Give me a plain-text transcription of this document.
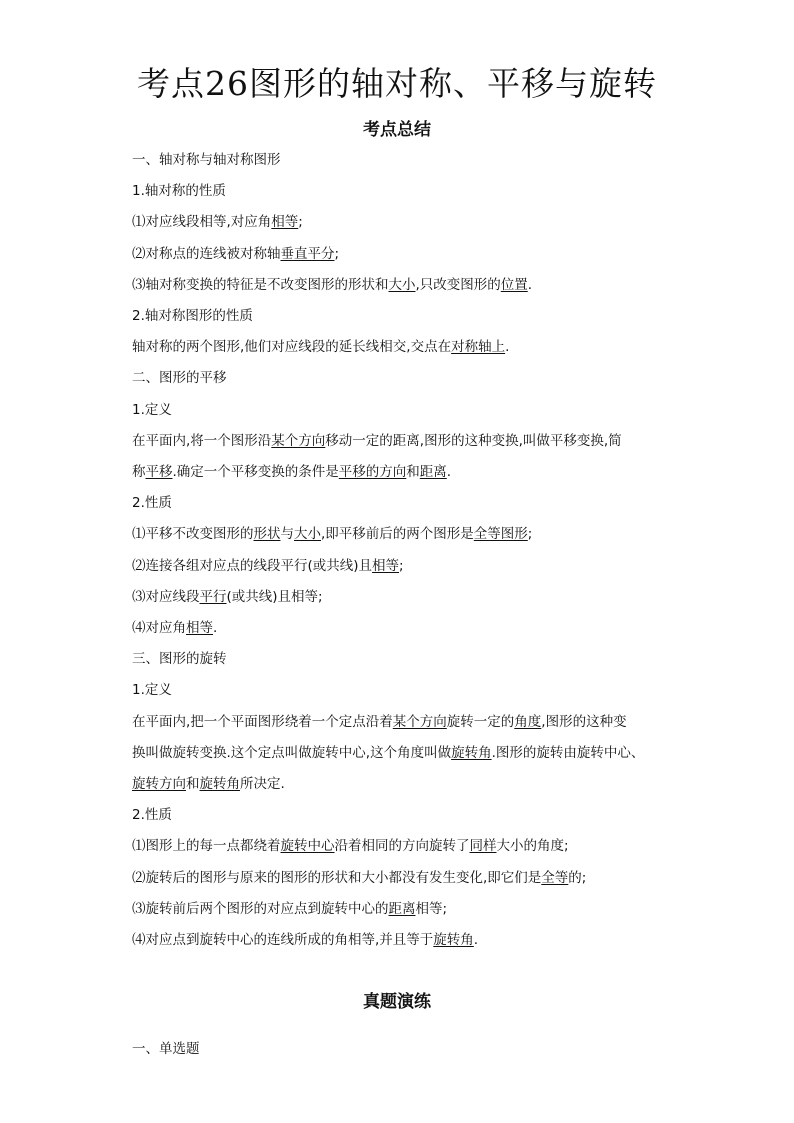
考点26图形的轴对称、平移与旋转
考点总结

一、轴对称与轴对称图形

1.轴对称的性质

⑴对应线段相等,对应角相等;

⑵对称点的连线被对称轴垂直平分;

⑶轴对称变换的特征是不改变图形的形状和大小,只改变图形的位置.

2.轴对称图形的性质

轴对称的两个图形,他们对应线段的延长线相交,交点在对称轴上.

二、图形的平移

1.定义

在平面内,将一个图形沿某个方向移动一定的距离,图形的这种变换,叫做平移变换,简

称平移.确定一个平移变换的条件是平移的方向和距离.

2.性质

⑴平移不改变图形的形状与大小,即平移前后的两个图形是全等图形;

⑵连接各组对应点的线段平行(或共线)且相等;

⑶对应线段平行(或共线)且相等;

⑷对应角相等.

三、图形的旋转

1.定义

在平面内,把一个平面图形绕着一个定点沿着某个方向旋转一定的角度,图形的这种变

换叫做旋转变换.这个定点叫做旋转中心,这个角度叫做旋转角.图形的旋转由旋转中心、

旋转方向和旋转角所决定.

2.性质

⑴图形上的每一点都绕着旋转中心沿着相同的方向旋转了同样大小的角度;

⑵旋转后的图形与原来的图形的形状和大小都没有发生变化,即它们是全等的;

⑶旋转前后两个图形的对应点到旋转中心的距离相等;

⑷对应点到旋转中心的连线所成的角相等,并且等于旋转角.

真题演练

一、单选题
